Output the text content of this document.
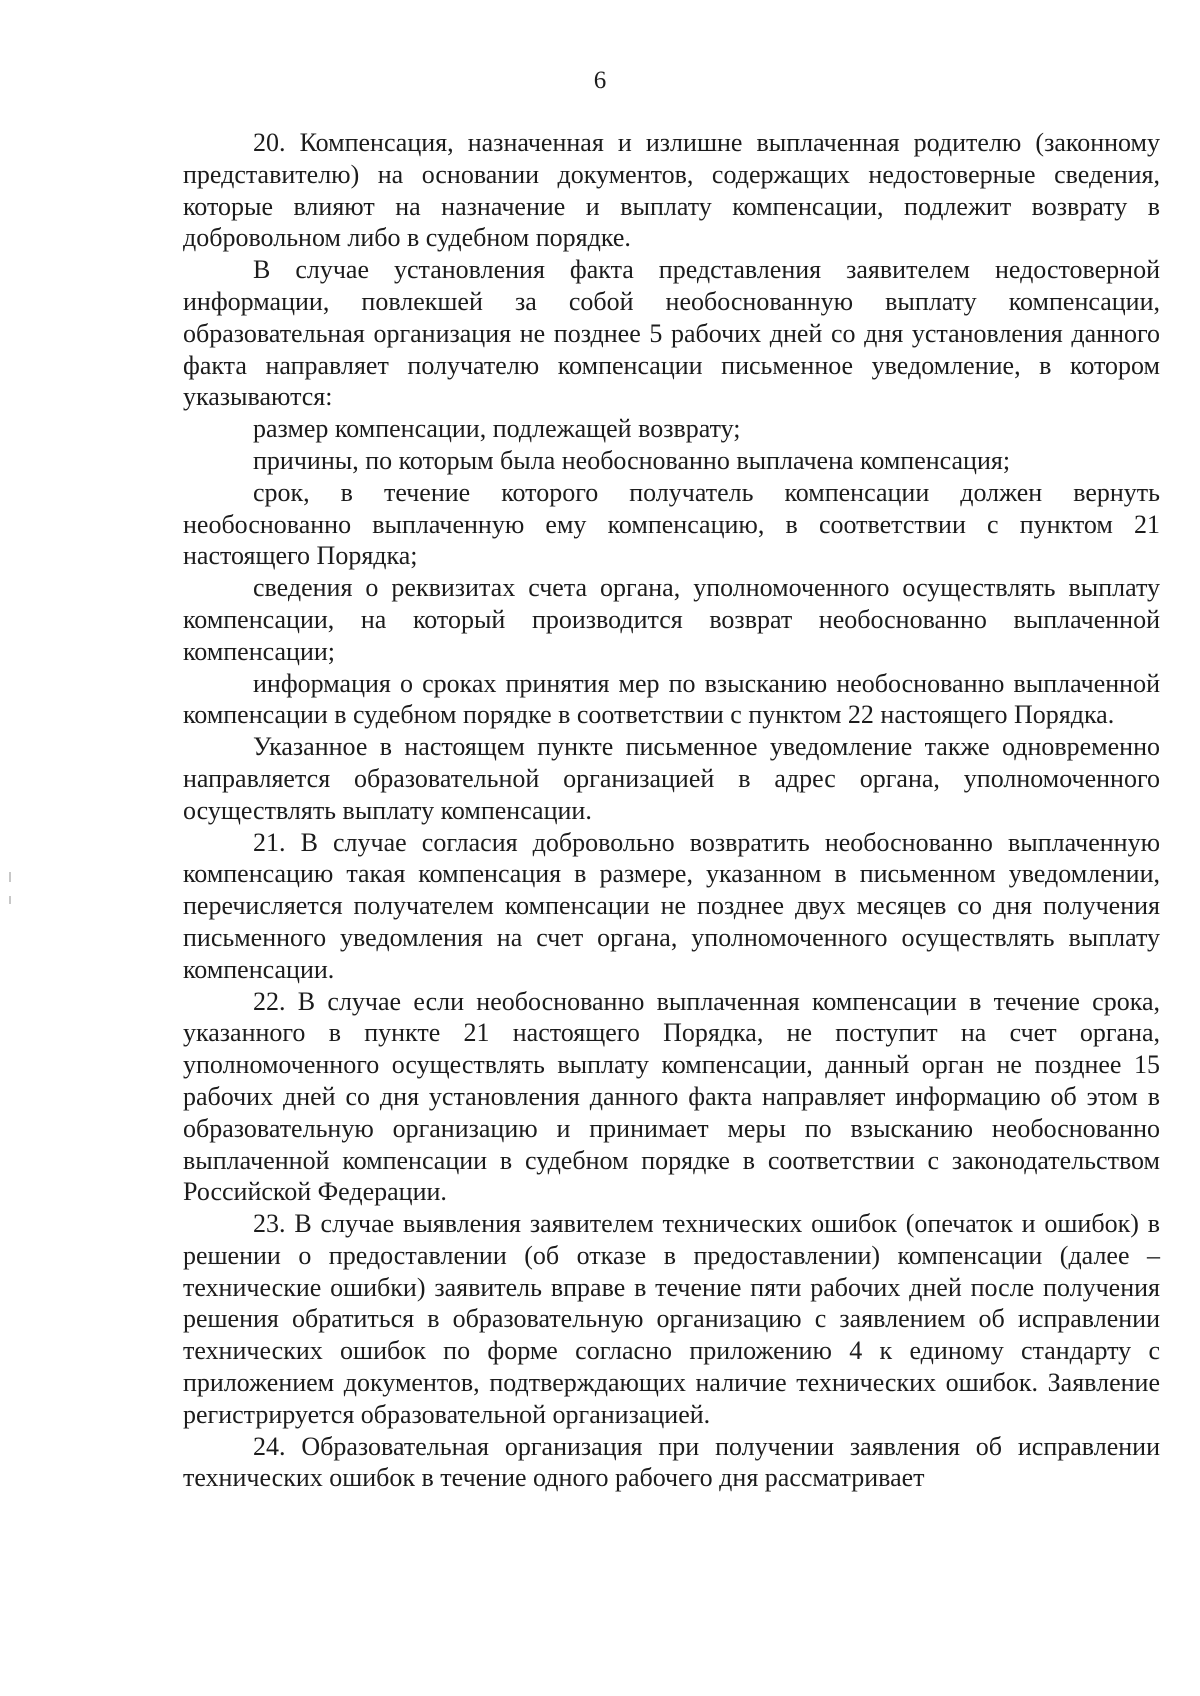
6

20. Компенсация, назначенная и излишне выплаченная родителю (законному представителю) на основании документов, содержащих недостоверные сведения, которые влияют на назначение и выплату компенсации, подлежит возврату в добровольном либо в судебном порядке.

В случае установления факта представления заявителем недостоверной информации, повлекшей за собой необоснованную выплату компенсации, образовательная организация не позднее 5 рабочих дней со дня установления данного факта направляет получателю компенсации письменное уведомление, в котором указываются:

размер компенсации, подлежащей возврату;

причины, по которым была необоснованно выплачена компенсация;

срок, в течение которого получатель компенсации должен вернуть необоснованно выплаченную ему компенсацию, в соответствии с пунктом 21 настоящего Порядка;

сведения о реквизитах счета органа, уполномоченного осуществлять выплату компенсации, на который производится возврат необоснованно выплаченной компенсации;

информация о сроках принятия мер по взысканию необоснованно выплаченной компенсации в судебном порядке в соответствии с пунктом 22 настоящего Порядка.

Указанное в настоящем пункте письменное уведомление также одновременно направляется образовательной организацией в адрес органа, уполномоченного осуществлять выплату компенсации.

21. В случае согласия добровольно возвратить необоснованно выплаченную компенсацию такая компенсация в размере, указанном в письменном уведомлении, перечисляется получателем компенсации не позднее двух месяцев со дня получения письменного уведомления на счет органа, уполномоченного осуществлять выплату компенсации.

22. В случае если необоснованно выплаченная компенсации в течение срока, указанного в пункте 21 настоящего Порядка, не поступит на счет органа, уполномоченного осуществлять выплату компенсации, данный орган не позднее 15 рабочих дней со дня установления данного факта направляет информацию об этом в образовательную организацию и принимает меры по взысканию необоснованно выплаченной компенсации в судебном порядке в соответствии с законодательством Российской Федерации.

23. В случае выявления заявителем технических ошибок (опечаток и ошибок) в решении о предоставлении (об отказе в предоставлении) компенсации (далее – технические ошибки) заявитель вправе в течение пяти рабочих дней после получения решения обратиться в образовательную организацию с заявлением об исправлении технических ошибок по форме согласно приложению 4 к единому стандарту с приложением документов, подтверждающих наличие технических ошибок. Заявление регистрируется образовательной организацией.

24. Образовательная организация при получении заявления об исправлении технических ошибок в течение одного рабочего дня рассматривает
